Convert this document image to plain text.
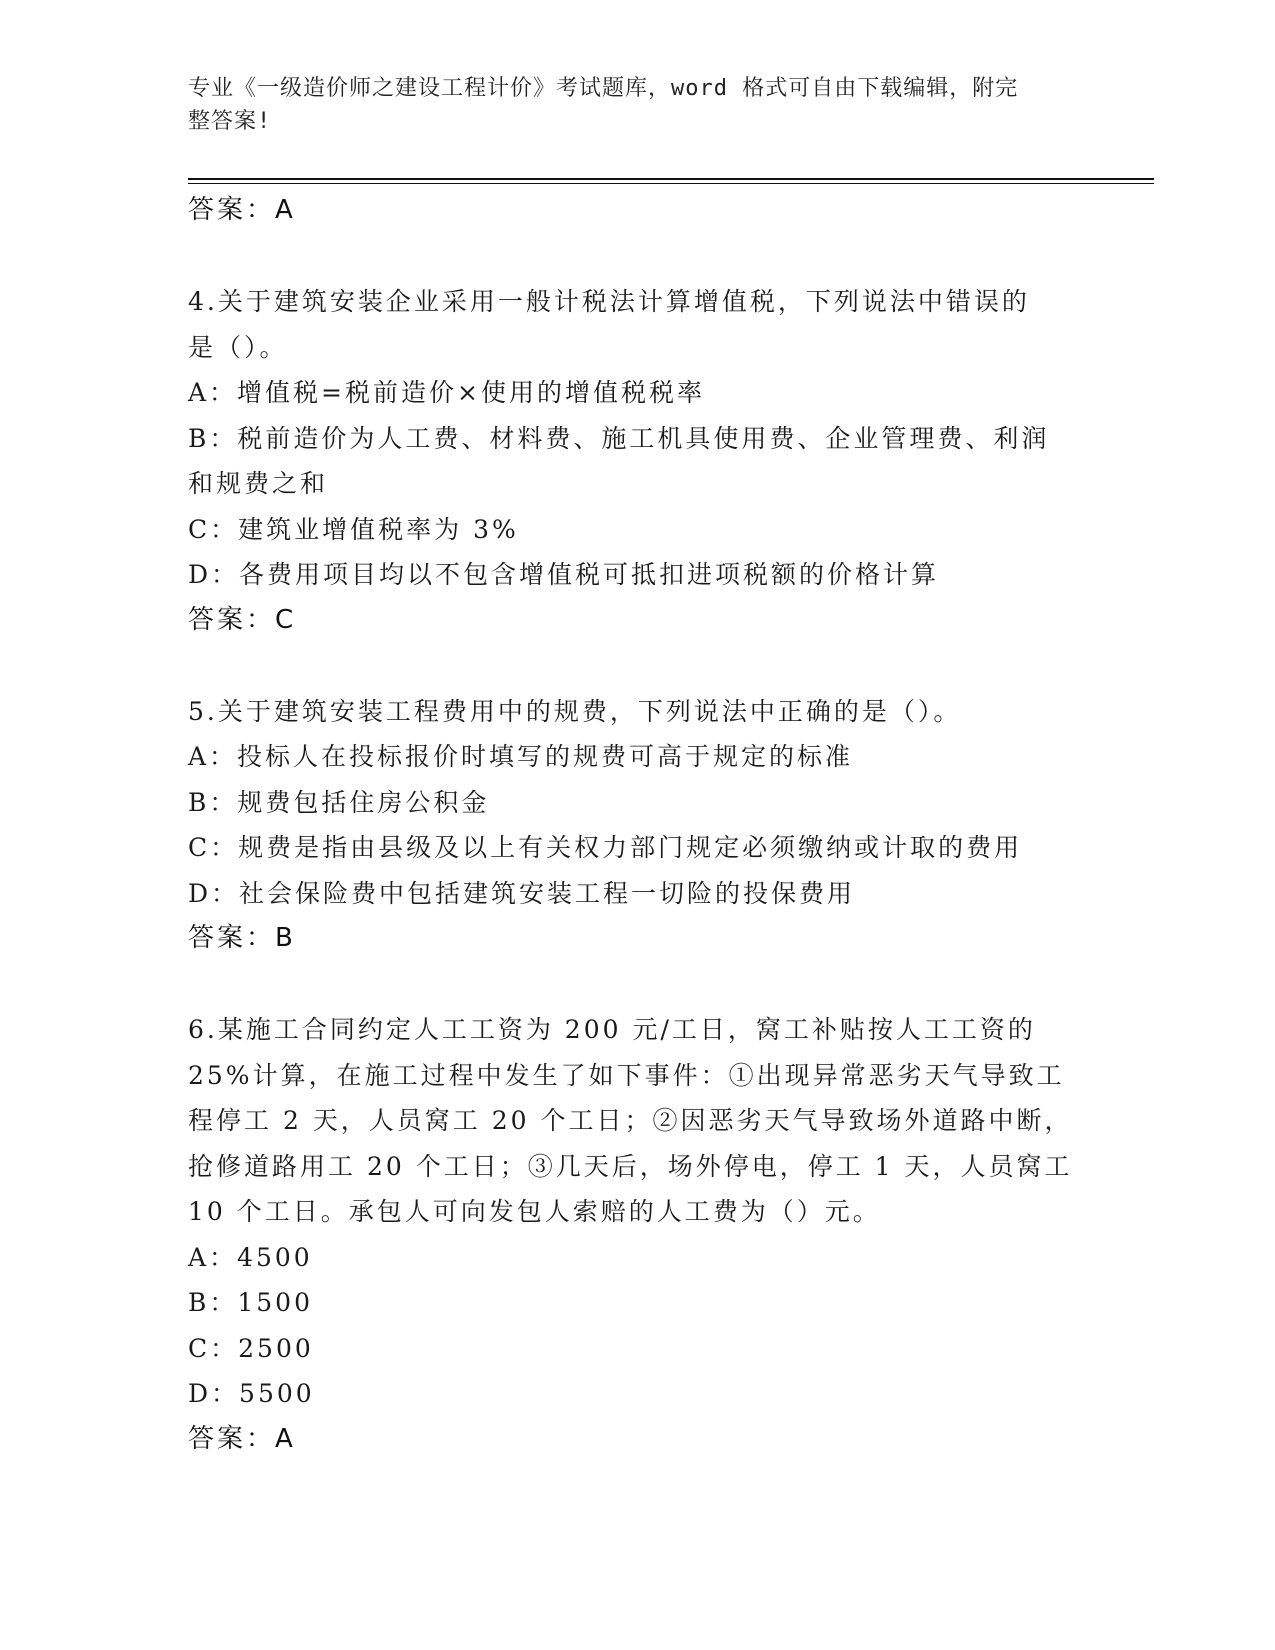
专业《一级造价师之建设工程计价》考试题库，word 格式可自由下载编辑，附完
整答案!
答案：A
4.关于建筑安装企业采用一般计税法计算增值税，下列说法中错误的
是（）。
A：增值税=税前造价×使用的增值税税率
B：税前造价为人工费、材料费、施工机具使用费、企业管理费、利润
和规费之和
C：建筑业增值税率为 3%
D：各费用项目均以不包含增值税可抵扣进项税额的价格计算
答案：C
5.关于建筑安装工程费用中的规费，下列说法中正确的是（）。
A：投标人在投标报价时填写的规费可高于规定的标准
B：规费包括住房公积金
C：规费是指由县级及以上有关权力部门规定必须缴纳或计取的费用
D：社会保险费中包括建筑安装工程一切险的投保费用
答案：B
6.某施工合同约定人工工资为 200 元/工日，窝工补贴按人工工资的
25%计算，在施工过程中发生了如下事件：①出现异常恶劣天气导致工
程停工 2 天，人员窝工 20 个工日；②因恶劣天气导致场外道路中断，
抢修道路用工 20 个工日；③几天后，场外停电，停工 1 天，人员窝工
10 个工日。承包人可向发包人索赔的人工费为（）元。
A：4500
B：1500
C：2500
D：5500
答案：A
